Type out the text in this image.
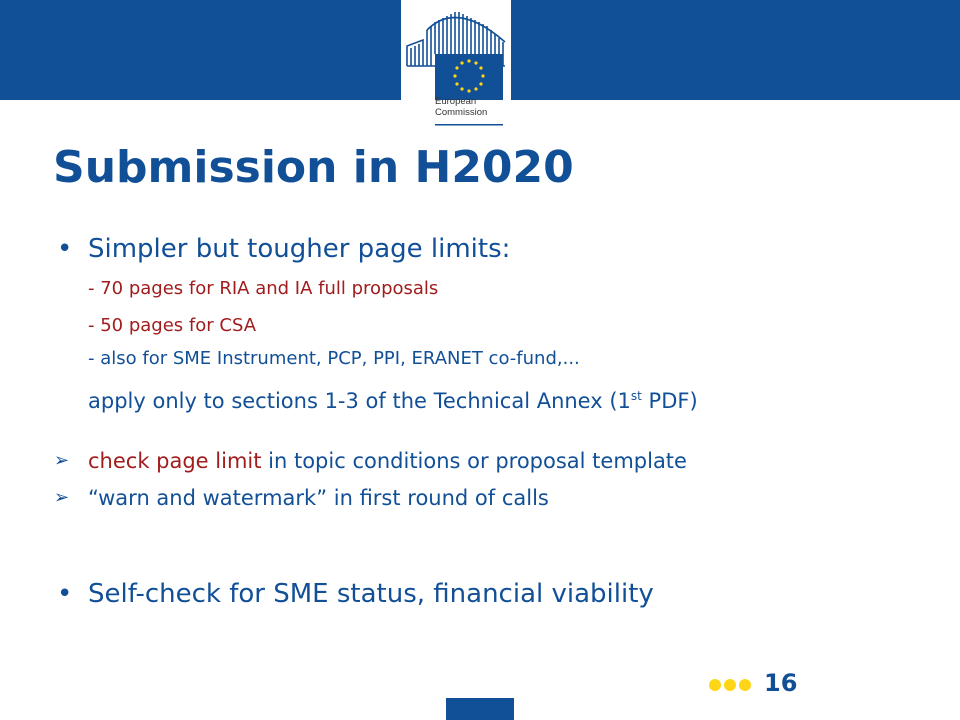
European
Commission
Submission in H2020
• Simpler but tougher page limits:
- 70 pages for RIA and IA full proposals
- 50 pages for CSA
- also for SME Instrument, PCP, PPI, ERANET co-fund,...
apply only to sections 1-3 of the Technical Annex (1st PDF)
➢ check page limit in topic conditions or proposal template
➢ “warn and watermark” in first round of calls
• Self-check for SME status, financial viability
16
